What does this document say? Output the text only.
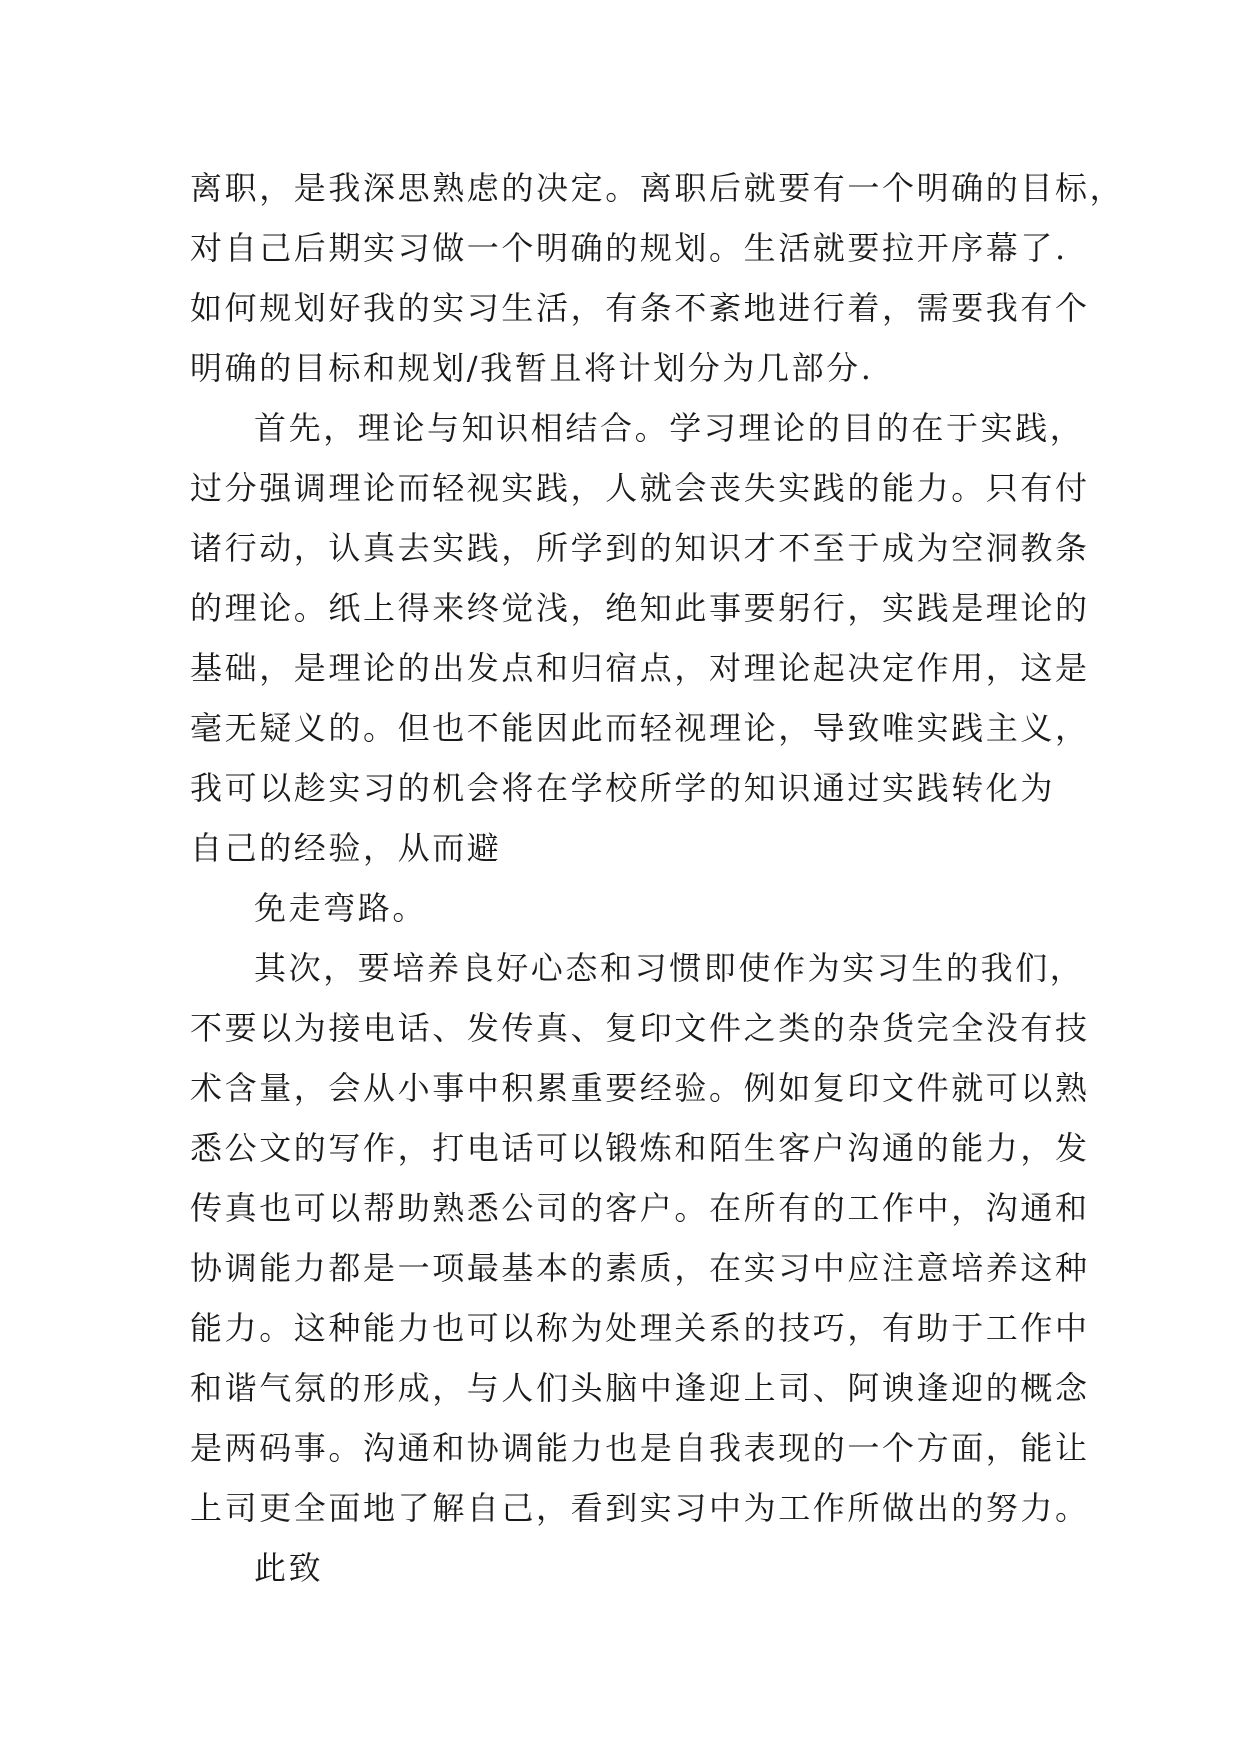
离职，是我深思熟虑的决定。离职后就要有一个明确的目标，
对自己后期实习做一个明确的规划。生活就要拉开序幕了.
如何规划好我的实习生活，有条不紊地进行着，需要我有个
明确的目标和规划/我暂且将计划分为几部分.
首先，理论与知识相结合。学习理论的目的在于实践，
过分强调理论而轻视实践，人就会丧失实践的能力。只有付
诸行动，认真去实践，所学到的知识才不至于成为空洞教条
的理论。纸上得来终觉浅，绝知此事要躬行，实践是理论的
基础，是理论的出发点和归宿点，对理论起决定作用，这是
毫无疑义的。但也不能因此而轻视理论，导致唯实践主义，
我可以趁实习的机会将在学校所学的知识通过实践转化为
自己的经验，从而避
免走弯路。
其次，要培养良好心态和习惯即使作为实习生的我们，
不要以为接电话、发传真、复印文件之类的杂货完全没有技
术含量，会从小事中积累重要经验。例如复印文件就可以熟
悉公文的写作，打电话可以锻炼和陌生客户沟通的能力，发
传真也可以帮助熟悉公司的客户。在所有的工作中，沟通和
协调能力都是一项最基本的素质，在实习中应注意培养这种
能力。这种能力也可以称为处理关系的技巧，有助于工作中
和谐气氛的形成，与人们头脑中逢迎上司、阿谀逢迎的概念
是两码事。沟通和协调能力也是自我表现的一个方面，能让
上司更全面地了解自己，看到实习中为工作所做出的努力。
此致
